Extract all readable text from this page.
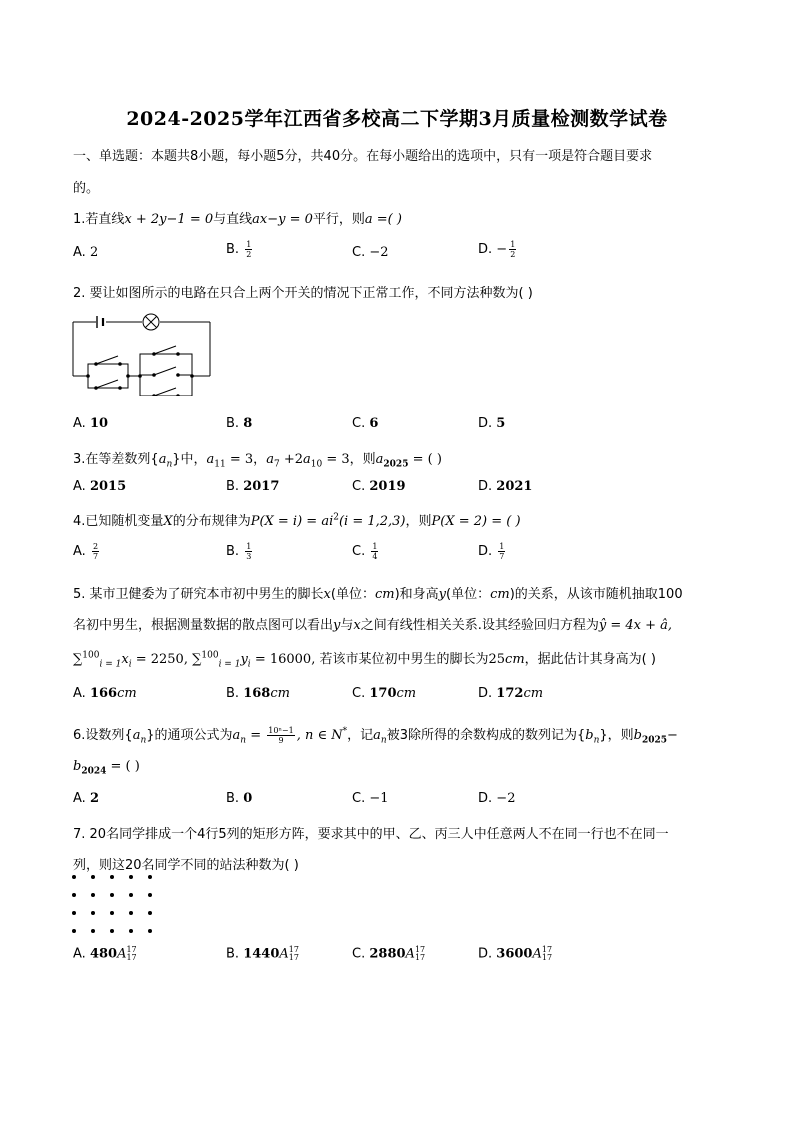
2024-2025学年江西省多校高二下学期3月质量检测数学试卷
一、单选题：本题共8小题，每小题5分，共40分。在每小题给出的选项中，只有一项是符合题目要求
的。
1.若直线x + 2y−1 = 0与直线ax−y = 0平行，则a =( )
A. 2	B. $\frac{1}{2}$	C. −2	D. − $\frac{1}{2}$
2. 要让如图所示的电路在只合上两个开关的情况下正常工作，不同方法种数为( )
A. 10	B. 8	C. 6	D. 5
3.在等差数列$\{a_n\}$中，$a_{11} = 3$，$a_7 +2a_{10} = 3$，则$a_{2025}$ = ( )
A. 2015	B. 2017	C. 2019	D. 2021
4.已知随机变量X的分布规律为$P(X = i) = ai^2(i = 1,2,3)$，则P(X = 2) = ( )
A. $\frac{2}{7}$	B. $\frac{1}{3}$	C. $\frac{1}{4}$	D. $\frac{1}{7}$
5. 某市卫健委为了研究本市初中男生的脚长x(单位：cm)和身高y(单位：cm)的关系，从该市随机抽取100
名初中男生，根据测量数据的散点图可以看出y与x之间有线性相关关系.设其经验回归方程为ŷ = 4x + â,
$\sum^{100}_{i = 1}x_i = 2250$, $\sum^{100}_{i = 1}y_i = 16000$, 若该市某位初中男生的脚长为25cm，据此估计其身高为( )
A. 166cm	B. 168cm	C. 170cm	D. 172cm
6.设数列$\{a_n\}$的通项公式为$a_n = \frac{\text{10ⁿ−1}}{9}$ , n ∈ N*，记$a_n$被3除所得的余数构成的数列记为$\{b_n\}$，则$b_{2025}-$
$b_{2024}$ = ( )
A. 2	B. 0	C. −1	D. −2
7. 20名同学排成一个4行5列的矩形方阵，要求其中的甲、乙、丙三人中任意两人不在同一行也不在同一
列，则这20名同学不同的站法种数为( )
A. 480A 17
17	B. 1440A 17
17	C. 2880A 17
17	D. 3600A 17
17
